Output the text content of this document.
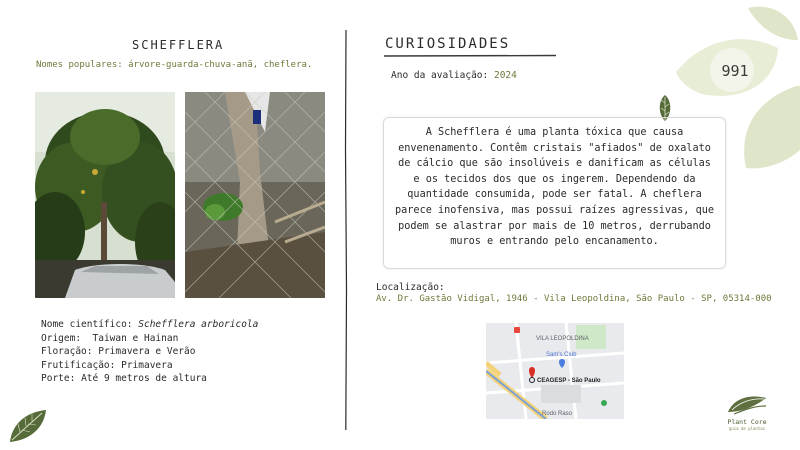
991
SCHEFFLERA
Nomes populares: árvore-guarda-chuva-anã, cheflera.
Nome científico: Schefflera arboricola
Origem: Taiwan e Hainan
Floração: Primavera e Verão
Frutificação: Primavera
Porte: Até 9 metros de altura
CURIOSIDADES
Ano da avaliação: 2024
A Schefflera é uma planta tóxica que causa envenenamento. Contêm cristais "afiados" de oxalato de cálcio que são insolúveis e danificam as células e os tecidos dos que os ingerem. Dependendo da quantidade consumida, pode ser fatal. A cheflera parece inofensiva, mas possui raízes agressivas, que podem se alastrar por mais de 10 metros, derrubando muros e entrando pelo encanamento.
Localização:
Av. Dr. Gastão Vidigal, 1946 - Vila Leopoldina, São Paulo - SP, 05314-000
VILA LEOPOLDINA
Sam's Club
CEAGESP - São Paulo
Rodo Raso
Plant Core
guia de plantas
